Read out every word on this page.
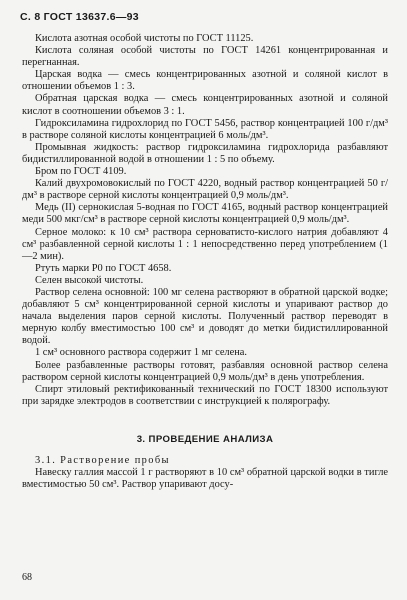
С. 8 ГОСТ 13637.6—93

Кислота азотная особой чистоты по ГОСТ 11125.

Кислота соляная особой чистоты по ГОСТ 14261 концентрированная и перегнанная.

Царская водка — смесь концентрированных азотной и соляной кислот в отношении объемов 1 : 3.

Обратная царская водка — смесь концентрированных азотной и соляной кислот в соотношении объемов 3 : 1.

Гидроксиламина гидрохлорид по ГОСТ 5456, раствор концентрацией 100 г/дм³ в растворе соляной кислоты концентрацией 6 моль/дм³.

Промывная жидкость: раствор гидроксиламина гидрохлорида разбавляют бидистиллированной водой в отношении 1 : 5 по объему.

Бром по ГОСТ 4109.

Калий двухромовокислый по ГОСТ 4220, водный раствор концентрацией 50 г/дм³ в растворе серной кислоты концентрацией 0,9 моль/дм³.

Медь (II) сернокислая 5-водная по ГОСТ 4165, водный раствор концентрацией меди 500 мкг/см³ в растворе серной кислоты концентрацией 0,9 моль/дм³.

Серное молоко: к 10 см³ раствора серноватисто-кислого натрия добавляют 4 см³ разбавленной серной кислоты 1 : 1 непосредственно перед употреблением (1—2 мин).

Ртуть марки Р0 по ГОСТ 4658.

Селен высокой чистоты.

Раствор селена основной: 100 мг селена растворяют в обратной царской водке; добавляют 5 см³ концентрированной серной кислоты и упаривают раствор до начала выделения паров серной кислоты. Полученный раствор переводят в мерную колбу вместимостью 100 см³ и доводят до метки бидистиллированной водой.

1 см³ основного раствора содержит 1 мг селена.

Более разбавленные растворы готовят, разбавляя основной раствор селена раствором серной кислоты концентрацией 0,9 моль/дм³ в день употребления.

Спирт этиловый ректификованный технический по ГОСТ 18300 используют при зарядке электродов в соответствии с инструкцией к полярографу.

3. ПРОВЕДЕНИЕ АНАЛИЗА

3.1. Растворение пробы

Навеску галлия массой 1 г растворяют в 10 см³ обратной царской водки в тигле вместимостью 50 см³. Раствор упаривают досу-

68
